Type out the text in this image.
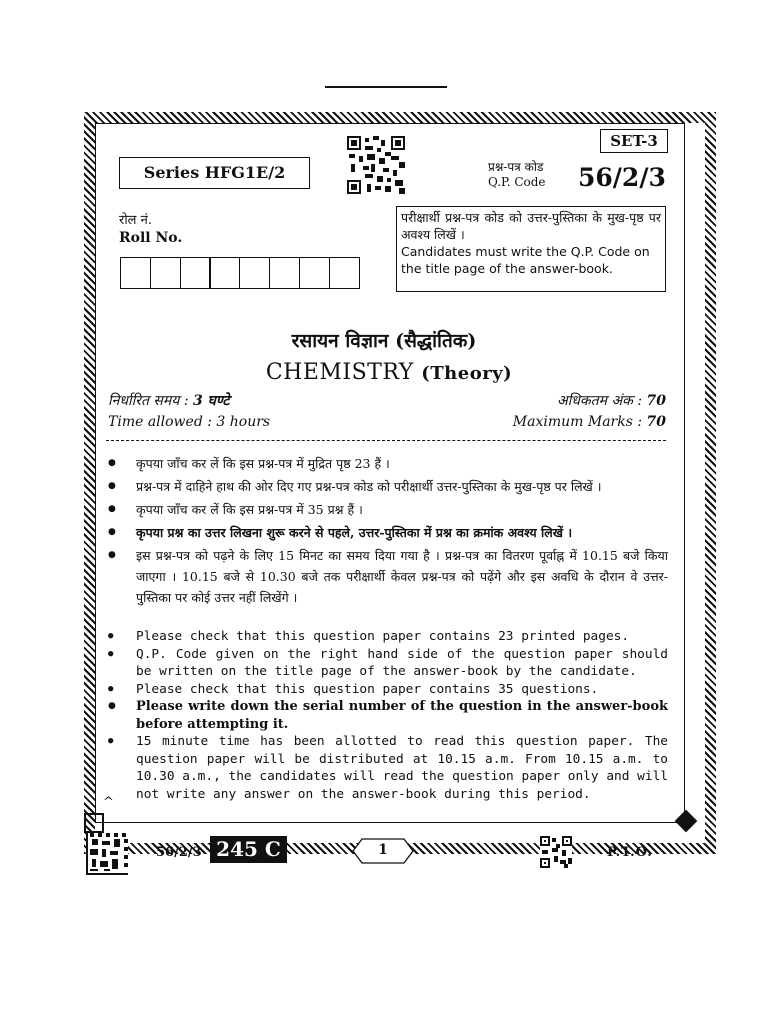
SET-3
Series HFG1E/2	प्रश्न-पत्र कोड
Q.P. Code 56/2/3
रोल नं.
Roll No.
परीक्षार्थी प्रश्न-पत्र कोड को उत्तर-पुस्तिका के मुख-पृष्ठ पर अवश्य लिखें ।
Candidates must write the Q.P. Code on the title page of the answer-book.
रसायन विज्ञान (सैद्धांतिक)
CHEMISTRY (Theory)
निर्धारित समय : 3 घण्टे	अधिकतम अंक : 70
Time allowed : 3 hours	Maximum Marks : 70
● कृपया जाँच कर लें कि इस प्रश्न-पत्र में मुद्रित पृष्ठ 23 हैं ।
● प्रश्न-पत्र में दाहिने हाथ की ओर दिए गए प्रश्न-पत्र कोड को परीक्षार्थी उत्तर-पुस्तिका के मुख-पृष्ठ पर लिखें ।
● कृपया जाँच कर लें कि इस प्रश्न-पत्र में 35 प्रश्न हैं ।
● कृपया प्रश्न का उत्तर लिखना शुरू करने से पहले, उत्तर-पुस्तिका में प्रश्न का क्रमांक अवश्य लिखें ।
● इस प्रश्न-पत्र को पढ़ने के लिए 15 मिनट का समय दिया गया है । प्रश्न-पत्र का वितरण पूर्वाह्न में 10.15 बजे किया जाएगा । 10.15 बजे से 10.30 बजे तक परीक्षार्थी केवल प्रश्न-पत्र को पढ़ेंगे और इस अवधि के दौरान वे उत्तर-पुस्तिका पर कोई उत्तर नहीं लिखेंगे ।
● Please check that this question paper contains 23 printed pages.
● Q.P. Code given on the right hand side of the question paper should be written on the title page of the answer-book by the candidate.
● Please check that this question paper contains 35 questions.
● Please write down the serial number of the question in the answer-book before attempting it.
● 15 minute time has been allotted to read this question paper. The question paper will be distributed at 10.15 a.m. From 10.15 a.m. to 10.30 a.m., the candidates will read the question paper only and will not write any answer on the answer-book during this period.
^
56/2/3 245 C	1	P.T.O.
